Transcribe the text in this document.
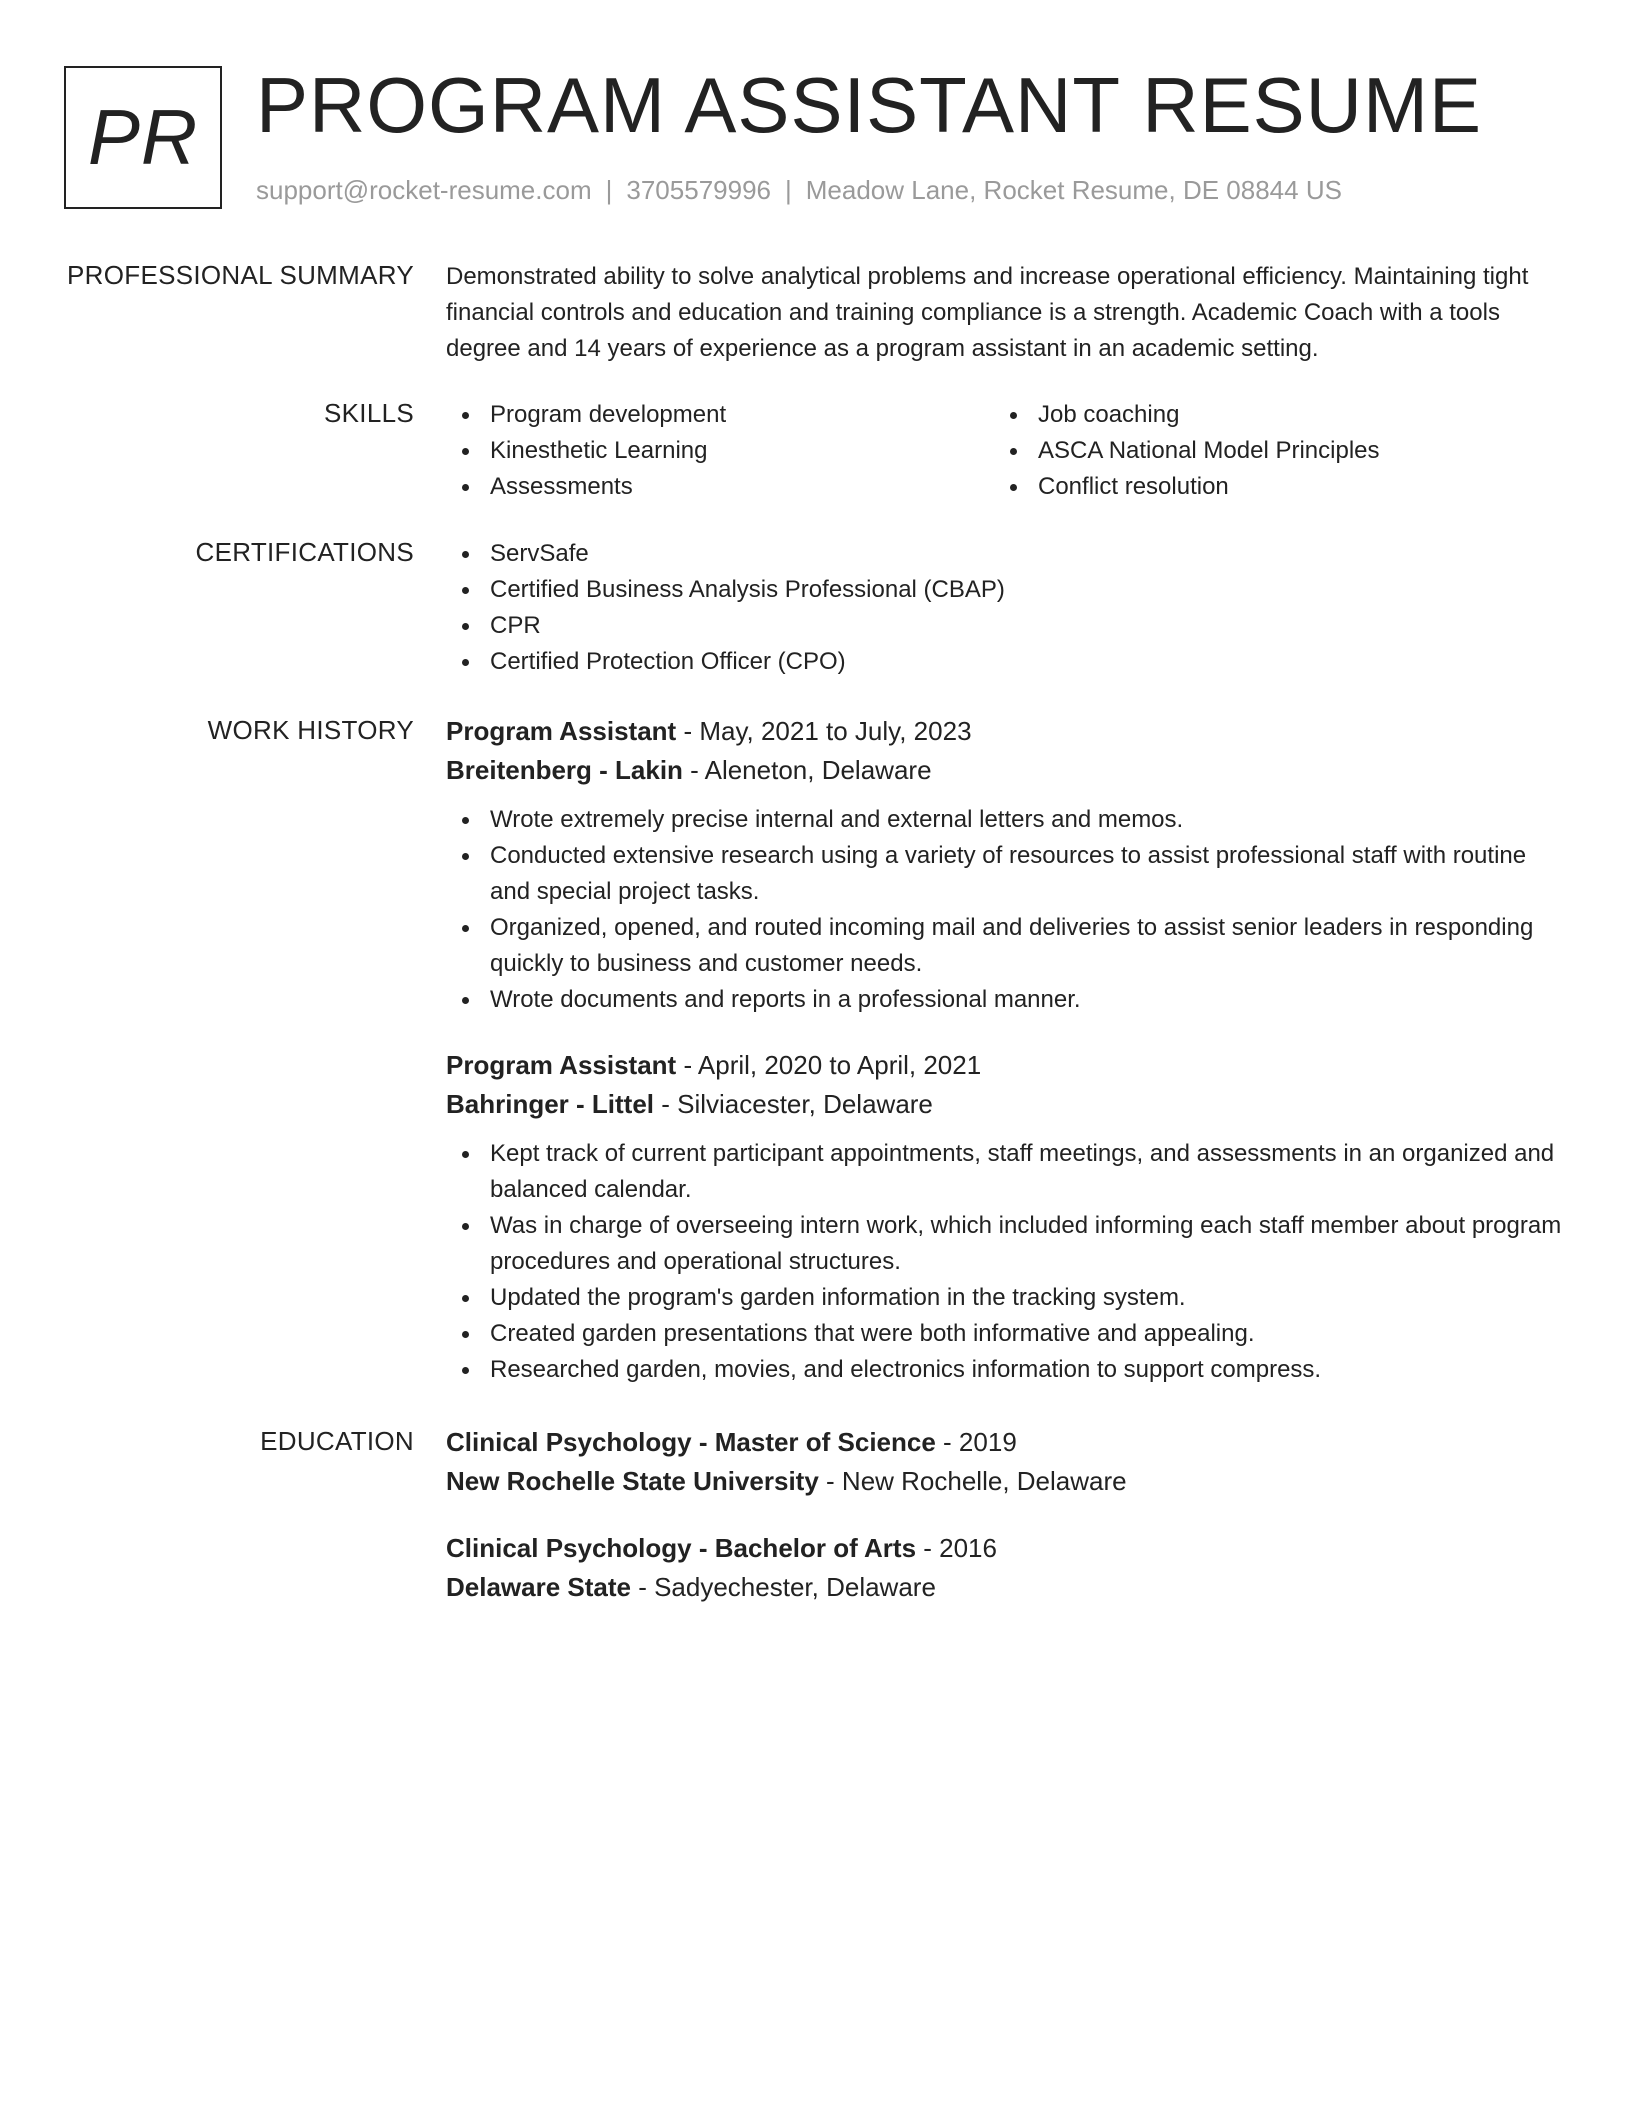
PR PROGRAM ASSISTANT RESUME
support@rocket-resume.com | 3705579996 | Meadow Lane, Rocket Resume, DE 08844 US
PROFESSIONAL SUMMARY Demonstrated ability to solve analytical problems and increase operational efficiency. Maintaining tight financial controls and education and training compliance is a strength. Academic Coach with a tools degree and 14 years of experience as a program assistant in an academic setting.

SKILLS	Program development
Kinesthetic Learning
Assessments
Job coaching
ASCA National Model Principles
Conflict resolution
CERTIFICATIONS	ServSafe
Certified Business Analysis Professional (CBAP)
CPR
Certified Protection Officer (CPO)
WORK HISTORY Program Assistant - May, 2021 to July, 2023
Breitenberg - Lakin - Aleneton, Delaware
Wrote extremely precise internal and external letters and memos.
Conducted extensive research using a variety of resources to assist professional staff with routine and special project tasks.
Organized, opened, and routed incoming mail and deliveries to assist senior leaders in responding quickly to business and customer needs.
Wrote documents and reports in a professional manner.
Program Assistant - April, 2020 to April, 2021
Bahringer - Littel - Silviacester, Delaware
Kept track of current participant appointments, staff meetings, and assessments in an organized and balanced calendar.
Was in charge of overseeing intern work, which included informing each staff member about program procedures and operational structures.
Updated the program's garden information in the tracking system.
Created garden presentations that were both informative and appealing.
Researched garden, movies, and electronics information to support compress.
EDUCATION Clinical Psychology - Master of Science - 2019
New Rochelle State University - New Rochelle, Delaware
Clinical Psychology - Bachelor of Arts - 2016
Delaware State - Sadyechester, Delaware
